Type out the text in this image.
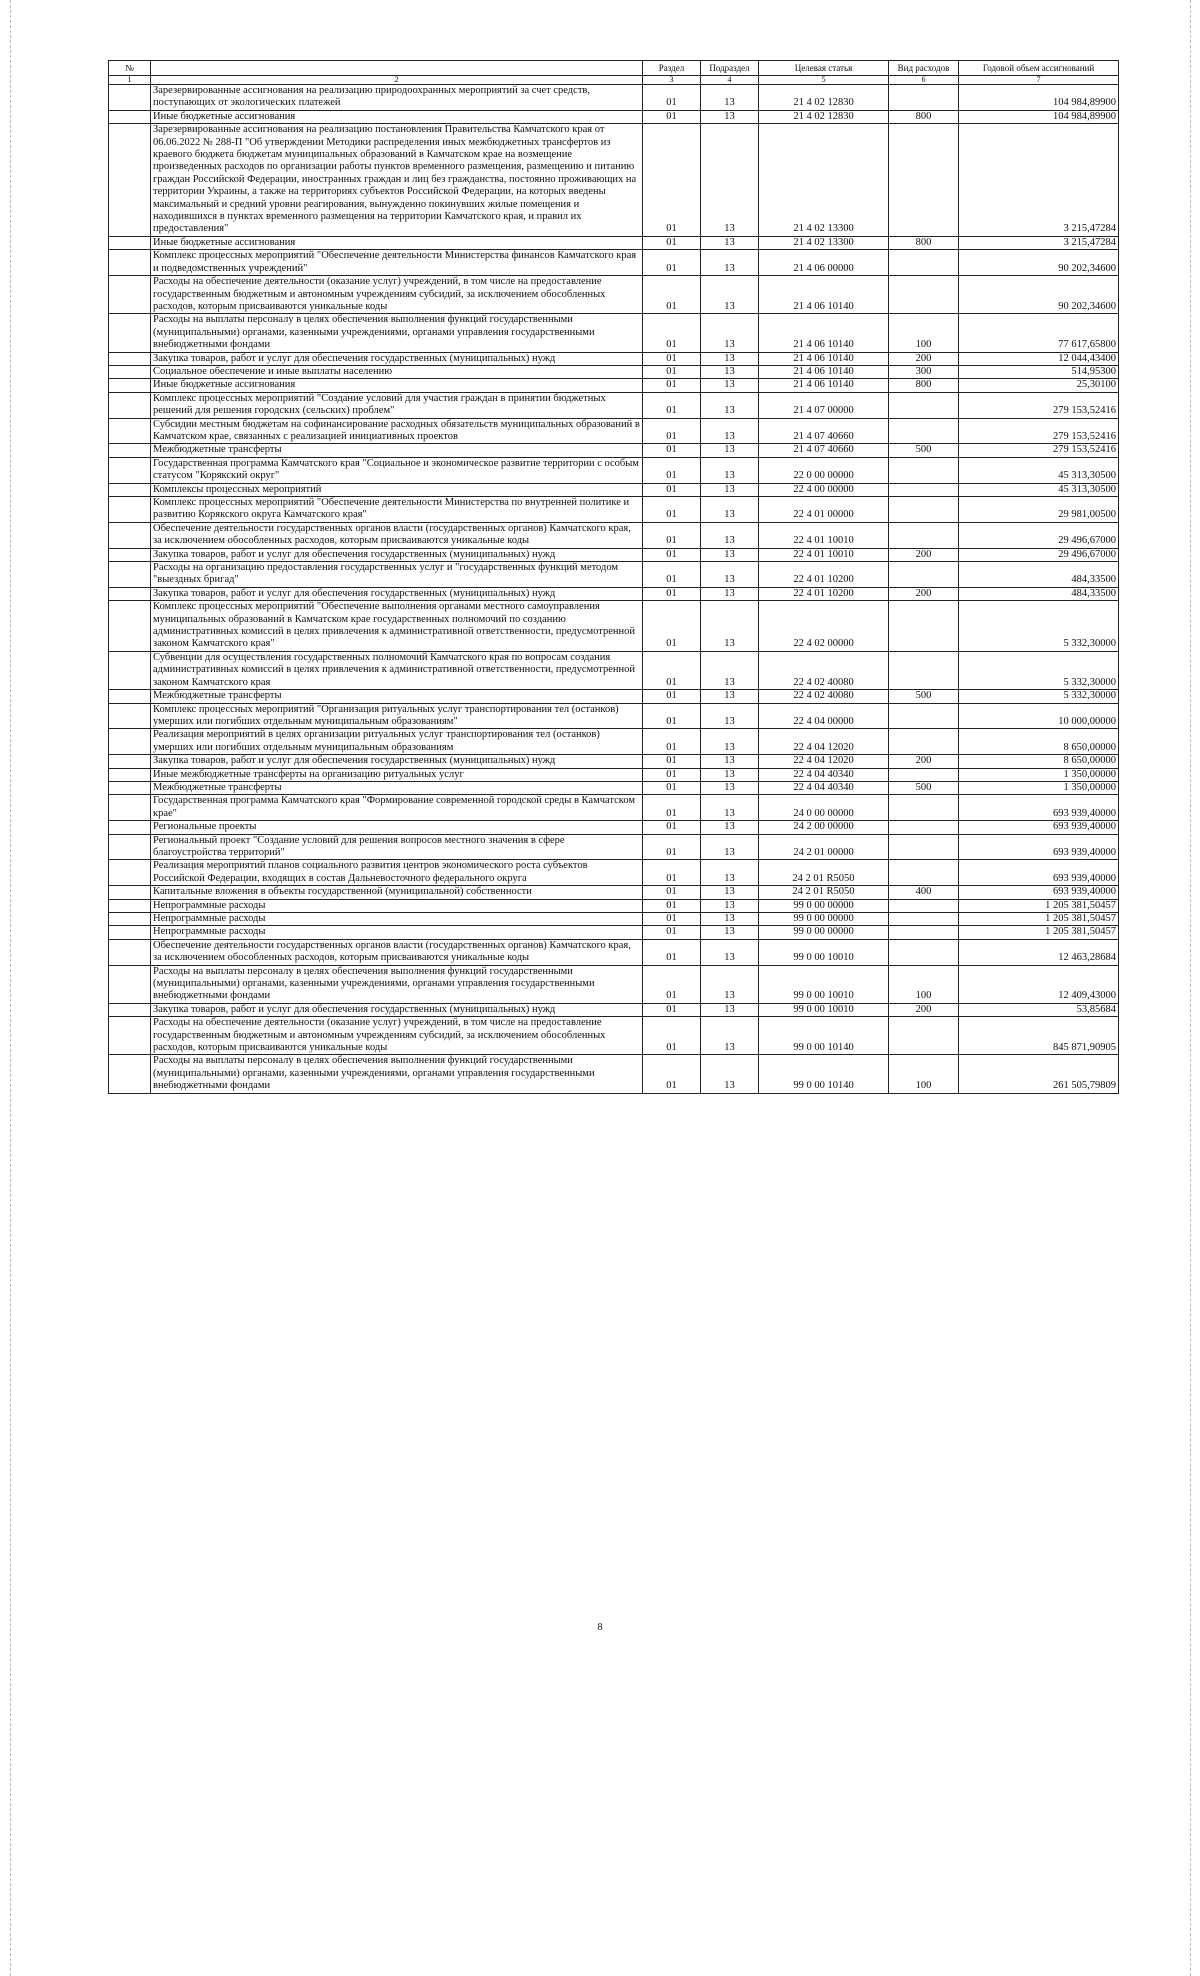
№		Раздел	Подраздел	Целевая статья	Вид расходов	Годовой объем ассигнований
1	2	3	4	5	6	7
	Зарезервированные ассигнования на реализацию природоохранных мероприятий за счет средств, поступающих от экологических платежей	01	13	21 4 02 12830		104 984,89900
	Иные бюджетные ассигнования	01	13	21 4 02 12830	800	104 984,89900
	Зарезервированные ассигнования на реализацию постановления Правительства Камчатского края от 06.06.2022 № 288-П "Об утверждении Методики распределения иных межбюджетных трансфертов из краевого бюджета бюджетам муниципальных образований в Камчатском крае на возмещение произведенных расходов по организации работы пунктов временного размещения, размещению и питанию граждан Российской Федерации, иностранных граждан и лиц без гражданства, постоянно проживающих на территории Украины, а также на территориях субъектов Российской Федерации, на которых введены максимальный и средний уровни реагирования, вынужденно покинувших жилые помещения и находившихся в пунктах временного размещения на территории Камчатского края, и правил их предоставления"	01	13	21 4 02 13300		3 215,47284
	Иные бюджетные ассигнования	01	13	21 4 02 13300	800	3 215,47284
	Комплекс процессных мероприятий "Обеспечение деятельности Министерства финансов Камчатского края и подведомственных учреждений"	01	13	21 4 06 00000		90 202,34600
	Расходы на обеспечение деятельности (оказание услуг) учреждений, в том числе на предоставление государственным бюджетным и автономным учреждениям субсидий, за исключением обособленных расходов, которым присваиваются уникальные коды	01	13	21 4 06 10140		90 202,34600
	Расходы на выплаты персоналу в целях обеспечения выполнения функций государственными (муниципальными) органами, казенными учреждениями, органами управления государственными внебюджетными фондами	01	13	21 4 06 10140	100	77 617,65800
	Закупка товаров, работ и услуг для обеспечения государственных (муниципальных) нужд	01	13	21 4 06 10140	200	12 044,43400
	Социальное обеспечение и иные выплаты населению	01	13	21 4 06 10140	300	514,95300
	Иные бюджетные ассигнования	01	13	21 4 06 10140	800	25,30100
	Комплекс процессных мероприятий "Создание условий для участия граждан в принятии бюджетных решений для решения городских (сельских) проблем"	01	13	21 4 07 00000		279 153,52416
	Субсидии местным бюджетам на софинансирование расходных обязательств муниципальных образований в Камчатском крае, связанных с реализацией инициативных проектов	01	13	21 4 07 40660		279 153,52416
	Межбюджетные трансферты	01	13	21 4 07 40660	500	279 153,52416
	Государственная программа Камчатского края "Социальное и экономическое развитие территории с особым статусом "Корякский округ"	01	13	22 0 00 00000		45 313,30500
	Комплексы процессных мероприятий	01	13	22 4 00 00000		45 313,30500
	Комплекс процессных мероприятий "Обеспечение деятельности Министерства по внутренней политике и развитию Корякского округа Камчатского края"	01	13	22 4 01 00000		29 981,00500
	Обеспечение деятельности государственных органов власти (государственных органов) Камчатского края, за исключением обособленных расходов, которым присваиваются уникальные коды	01	13	22 4 01 10010		29 496,67000
	Закупка товаров, работ и услуг для обеспечения государственных (муниципальных) нужд	01	13	22 4 01 10010	200	29 496,67000
	Расходы на организацию предоставления государственных услуг и "государственных функций методом "выездных бригад"	01	13	22 4 01 10200		484,33500
	Закупка товаров, работ и услуг для обеспечения государственных (муниципальных) нужд	01	13	22 4 01 10200	200	484,33500
	Комплекс процессных мероприятий "Обеспечение выполнения органами местного самоуправления муниципальных образований в Камчатском крае государственных полномочий по созданию административных комиссий в целях привлечения к административной ответственности, предусмотренной законом Камчатского края"	01	13	22 4 02 00000		5 332,30000
	Субвенции для осуществления государственных полномочий Камчатского края по вопросам создания административных комиссий в целях привлечения к административной ответственности, предусмотренной законом Камчатского края	01	13	22 4 02 40080		5 332,30000
	Межбюджетные трансферты	01	13	22 4 02 40080	500	5 332,30000
	Комплекс процессных мероприятий "Организация ритуальных услуг транспортирования тел (останков) умерших или погибших отдельным муниципальным образованиям"	01	13	22 4 04 00000		10 000,00000
	Реализация мероприятий в целях организации ритуальных услуг транспортирования тел (останков) умерших или погибших отдельным муниципальным образованиям	01	13	22 4 04 12020		8 650,00000
	Закупка товаров, работ и услуг для обеспечения государственных (муниципальных) нужд	01	13	22 4 04 12020	200	8 650,00000
	Иные межбюджетные трансферты на организацию ритуальных услуг	01	13	22 4 04 40340		1 350,00000
	Межбюджетные трансферты	01	13	22 4 04 40340	500	1 350,00000
	Государственная программа Камчатского края "Формирование современной городской среды в Камчатском крае"	01	13	24 0 00 00000		693 939,40000
	Региональные проекты	01	13	24 2 00 00000		693 939,40000
	Региональный проект "Создание условий для решения вопросов местного значения в сфере благоустройства территорий"	01	13	24 2 01 00000		693 939,40000
	Реализация мероприятий планов социального развития центров экономического роста субъектов Российской Федерации, входящих в состав Дальневосточного федерального округа	01	13	24 2 01 R5050		693 939,40000
	Капитальные вложения в объекты государственной (муниципальной) собственности	01	13	24 2 01 R5050	400	693 939,40000
	Непрограммные расходы	01	13	99 0 00 00000		1 205 381,50457
	Непрограммные расходы	01	13	99 0 00 00000		1 205 381,50457
	Непрограммные расходы	01	13	99 0 00 00000		1 205 381,50457
	Обеспечение деятельности государственных органов власти (государственных органов) Камчатского края, за исключением обособленных расходов, которым присваиваются уникальные коды	01	13	99 0 00 10010		12 463,28684
	Расходы на выплаты персоналу в целях обеспечения выполнения функций государственными (муниципальными) органами, казенными учреждениями, органами управления государственными внебюджетными фондами	01	13	99 0 00 10010	100	12 409,43000
	Закупка товаров, работ и услуг для обеспечения государственных (муниципальных) нужд	01	13	99 0 00 10010	200	53,85684
	Расходы на обеспечение деятельности (оказание услуг) учреждений, в том числе на предоставление государственным бюджетным и автономным учреждениям субсидий, за исключением обособленных расходов, которым присваиваются уникальные коды	01	13	99 0 00 10140		845 871,90905
	Расходы на выплаты персоналу в целях обеспечения выполнения функций государственными (муниципальными) органами, казенными учреждениями, органами управления государственными внебюджетными фондами	01	13	99 0 00 10140	100	261 505,79809
8
